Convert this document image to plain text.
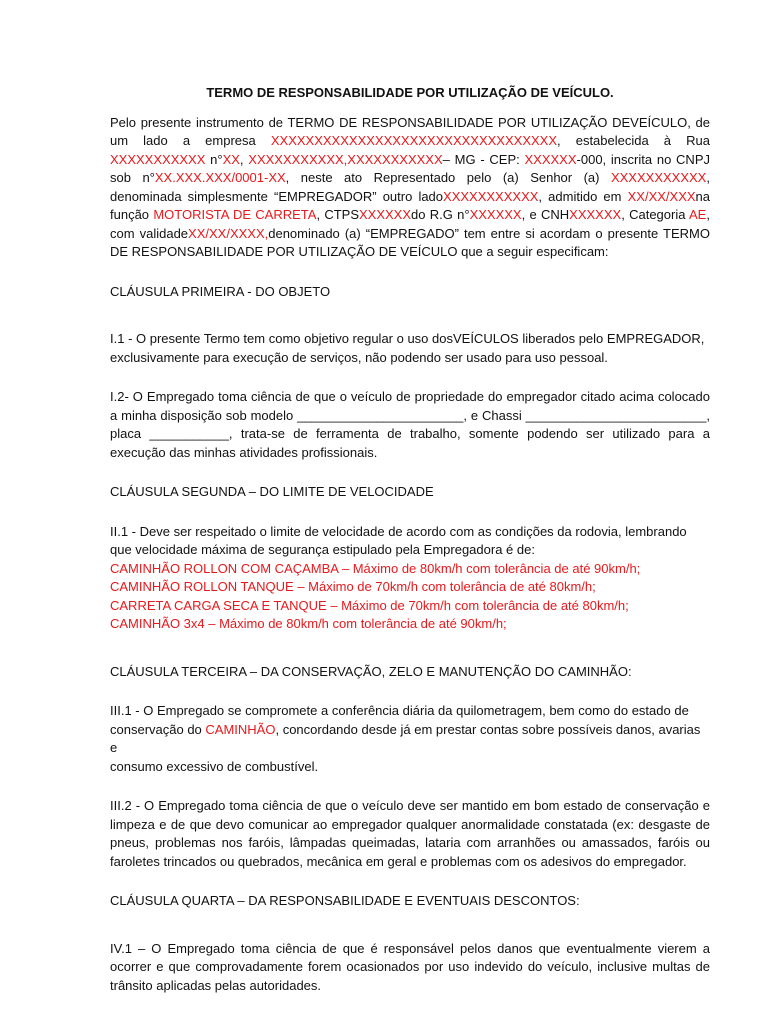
TERMO DE RESPONSABILIDADE POR UTILIZAÇÃO DE VEÍCULO.

Pelo presente instrumento de TERMO DE RESPONSABILIDADE POR UTILIZAÇÃO DEVEÍCULO, de um lado a empresa XXXXXXXXXXXXXXXXXXXXXXXXXXXXXXXXX, estabelecida à Rua XXXXXXXXXXX n°XX, XXXXXXXXXXX,XXXXXXXXXXX– MG - CEP: XXXXXX-000, inscrita no CNPJ sob n°XX.XXX.XXX/0001-XX, neste ato Representado pelo (a) Senhor (a) XXXXXXXXXXX, denominada simplesmente “EMPREGADOR” outro ladoXXXXXXXXXXX, admitido em XX/XX/XXXna função MOTORISTA DE CARRETA, CTPSXXXXXXdo R.G n°XXXXXX, e CNHXXXXXX, Categoria AE, com validadeXX/XX/XXXX,denominado (a) “EMPREGADO” tem entre si acordam o presente TERMO DE RESPONSABILIDADE POR UTILIZAÇÃO DE VEÍCULO que a seguir especificam:

CLÁUSULA PRIMEIRA - DO OBJETO

I.1 - O presente Termo tem como objetivo regular o uso dosVEÍCULOS liberados pelo EMPREGADOR, exclusivamente para execução de serviços, não podendo ser usado para uso pessoal.

I.2- O Empregado toma ciência de que o veículo de propriedade do empregador citado acima colocado a minha disposição sob modelo _______________________, e Chassi _________________________, placa ___________, trata-se de ferramenta de trabalho, somente podendo ser utilizado para a execução das minhas atividades profissionais.

CLÁUSULA SEGUNDA – DO LIMITE DE VELOCIDADE

II.1 - Deve ser respeitado o limite de velocidade de acordo com as condições da rodovia, lembrando
que velocidade máxima de segurança estipulado pela Empregadora é de:
CAMINHÃO ROLLON COM CAÇAMBA – Máximo de 80km/h com tolerância de até 90km/h;
CAMINHÃO ROLLON TANQUE – Máximo de 70km/h com tolerância de até 80km/h;
CARRETA CARGA SECA E TANQUE – Máximo de 70km/h com tolerância de até 80km/h;
CAMINHÃO 3x4 – Máximo de 80km/h com tolerância de até 90km/h;

CLÁUSULA TERCEIRA – DA CONSERVAÇÃO, ZELO E MANUTENÇÃO DO CAMINHÃO:

III.1 - O Empregado se compromete a conferência diária da quilometragem, bem como do estado de
conservação do CAMINHÃO, concordando desde já em prestar contas sobre possíveis danos, avarias e
consumo excessivo de combustível.

III.2 - O Empregado toma ciência de que o veículo deve ser mantido em bom estado de conservação e limpeza e de que devo comunicar ao empregador qualquer anormalidade constatada (ex: desgaste de pneus, problemas nos faróis, lâmpadas queimadas, lataria com arranhões ou amassados, faróis ou faroletes trincados ou quebrados, mecânica em geral e problemas com os adesivos do empregador.

CLÁUSULA QUARTA – DA RESPONSABILIDADE E EVENTUAIS DESCONTOS:

IV.1 – O Empregado toma ciência de que é responsável pelos danos que eventualmente vierem a ocorrer e que comprovadamente forem ocasionados por uso indevido do veículo, inclusive multas de trânsito aplicadas pelas autoridades.
